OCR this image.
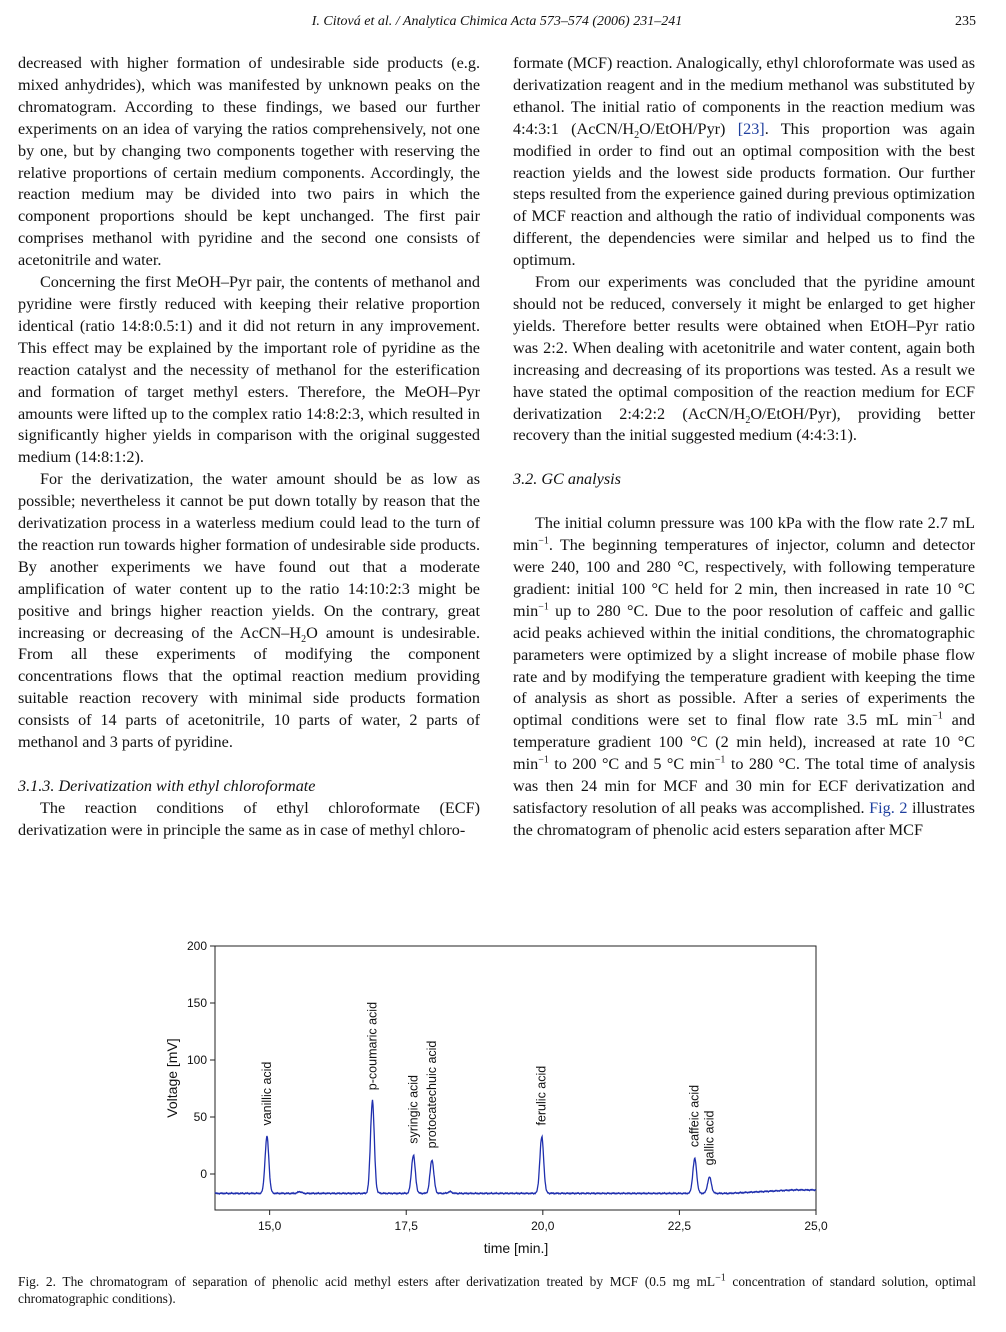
I. Citová et al. / Analytica Chimica Acta 573–574 (2006) 231–241	235

decreased with higher formation of undesirable side products (e.g. mixed anhydrides), which was manifested by unknown peaks on the chromatogram. According to these findings, we based our further experiments on an idea of varying the ratios comprehensively, not one by one, but by changing two components together with reserving the relative proportions of certain medium components. Accordingly, the reaction medium may be divided into two pairs in which the component proportions should be kept unchanged. The first pair comprises methanol with pyridine and the second one consists of acetonitrile and water.

Concerning the first MeOH–Pyr pair, the contents of methanol and pyridine were firstly reduced with keeping their relative proportion identical (ratio 14:8:0.5:1) and it did not return in any improvement. This effect may be explained by the important role of pyridine as the reaction catalyst and the necessity of methanol for the esterification and formation of target methyl esters. Therefore, the MeOH–Pyr amounts were lifted up to the complex ratio 14:8:2:3, which resulted in significantly higher yields in comparison with the original suggested medium (14:8:1:2).

For the derivatization, the water amount should be as low as possible; nevertheless it cannot be put down totally by reason that the derivatization process in a waterless medium could lead to the turn of the reaction run towards higher formation of undesirable side products. By another experiments we have found out that a moderate amplification of water content up to the ratio 14:10:2:3 might be positive and brings higher reaction yields. On the contrary, great increasing or decreasing of the AcCN–$H_2O$ amount is undesirable. From all these experiments of modifying the component concentrations flows that the optimal reaction medium providing suitable reaction recovery with minimal side products formation consists of 14 parts of acetonitrile, 10 parts of water, 2 parts of methanol and 3 parts of pyridine.

3.1.3. Derivatization with ethyl chloroformate

The reaction conditions of ethyl chloroformate (ECF) derivatization were in principle the same as in case of methyl chloro-

formate (MCF) reaction. Analogically, ethyl chloroformate was used as derivatization reagent and in the medium methanol was substituted by ethanol. The initial ratio of components in the reaction medium was 4:4:3:1 $(AcCN/H_2O/EtOH/Pyr)$ [23]. This proportion was again modified in order to find out an optimal composition with the best reaction yields and the lowest side products formation. Our further steps resulted from the experience gained during previous optimization of MCF reaction and although the ratio of individual components was different, the dependencies were similar and helped us to find the optimum.

From our experiments was concluded that the pyridine amount should not be reduced, conversely it might be enlarged to get higher yields. Therefore better results were obtained when EtOH–Pyr ratio was 2:2. When dealing with acetonitrile and water content, again both increasing and decreasing of its proportions was tested. As a result we have stated the optimal composition of the reaction medium for ECF derivatization 2:4:2:2 $(AcCN/H_2O/EtOH/Pyr)$, providing better recovery than the initial suggested medium (4:4:3:1).

3.2. GC analysis

The initial column pressure was 100 kPa with the flow rate 2.7 mL $\min^{-1}$. The beginning temperatures of injector, column and detector were 240, 100 and 280 °C, respectively, with following temperature gradient: initial 100 °C held for 2 min, then increased in rate 10 °C $\min^{-1}$ up to 280 °C. Due to the poor resolution of caffeic and gallic acid peaks achieved within the initial conditions, the chromatographic parameters were optimized by a slight increase of mobile phase flow rate and by modifying the temperature gradient with keeping the time of analysis as short as possible. After a series of experiments the optimal conditions were set to final flow rate 3.5 mL $\min^{-1}$ and temperature gradient 100 °C (2 min held), increased at rate 10 °C $\min^{-1}$ to 200 °C and 5 °C $\min^{-1}$ to 280 °C. The total time of analysis was then 24 min for MCF and 30 min for ECF derivatization and satisfactory resolution of all peaks was accomplished. Fig. 2 illustrates the chromatogram of phenolic acid esters separation after MCF

0
50
100
150
200
15,0	17,5	20,0	22,5	25,0
vanillic acid
p-coumaric acid
syringic acid protocatechuic acid	ferulic acid	caffeic acid gallic acid
Voltage [mV]
time [min.]
Fig. 2. The chromatogram of separation of phenolic acid methyl esters after derivatization treated by MCF (0.5 mg $mL^{-1}$ concentration of standard solution, optimal chromatographic conditions).
